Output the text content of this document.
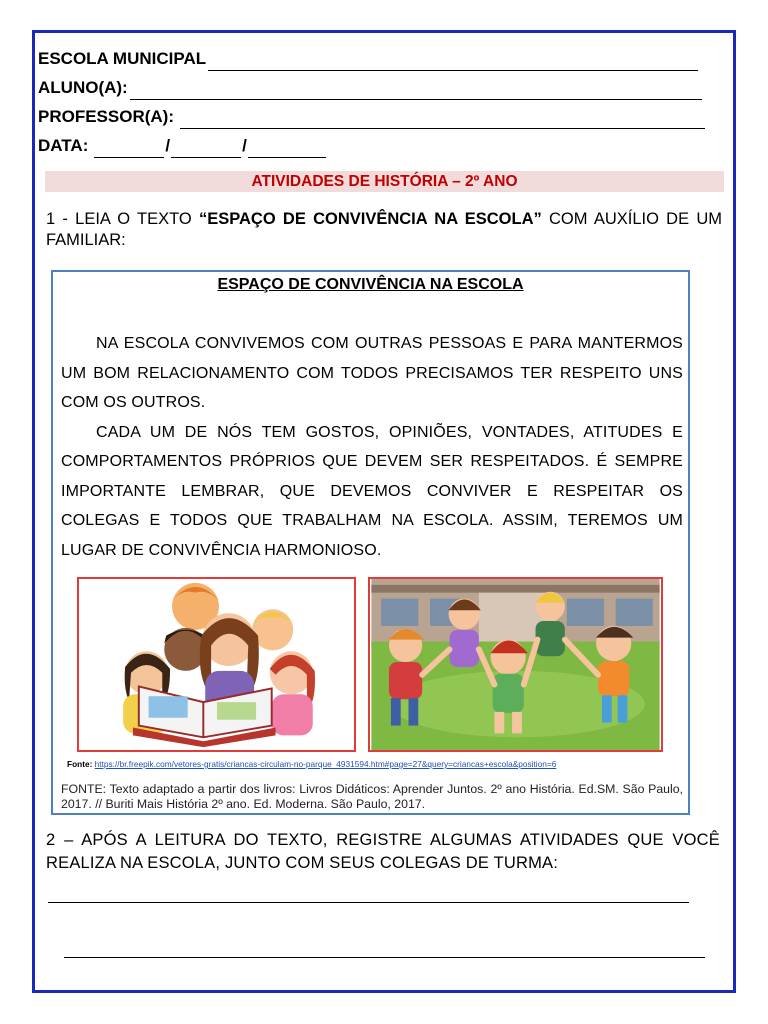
ESCOLA MUNICIPAL
ALUNO(A):
PROFESSOR(A):
DATA:	/	/
ATIVIDADES DE HISTÓRIA – 2º ANO
1 - LEIA O TEXTO “ESPAÇO DE CONVIVÊNCIA NA ESCOLA” COM AUXÍLIO DE UM FAMILIAR:
ESPAÇO DE CONVIVÊNCIA NA ESCOLA

NA ESCOLA CONVIVEMOS COM OUTRAS PESSOAS E PARA MANTERMOS UM BOM RELACIONAMENTO COM TODOS PRECISAMOS TER RESPEITO UNS COM OS OUTROS.

CADA UM DE NÓS TEM GOSTOS, OPINIÕES, VONTADES, ATITUDES E COMPORTAMENTOS PRÓPRIOS QUE DEVEM SER RESPEITADOS. É SEMPRE IMPORTANTE LEMBRAR, QUE DEVEMOS CONVIVER E RESPEITAR OS COLEGAS E TODOS QUE TRABALHAM NA ESCOLA. ASSIM, TEREMOS UM LUGAR DE CONVIVÊNCIA HARMONIOSO.

Fonte: https://br.freepik.com/vetores-gratis/criancas-circulam-no-parque_4931594.htm#page=27&query=criancas+escola&position=6
FONTE: Texto adaptado a partir dos livros: Livros Didáticos: Aprender Juntos. 2º ano História. Ed.SM. São Paulo, 2017. // Buriti Mais História 2º ano. Ed. Moderna. São Paulo, 2017.
2 – APÓS A LEITURA DO TEXTO, REGISTRE ALGUMAS ATIVIDADES QUE VOCÊ REALIZA NA ESCOLA, JUNTO COM SEUS COLEGAS DE TURMA:
